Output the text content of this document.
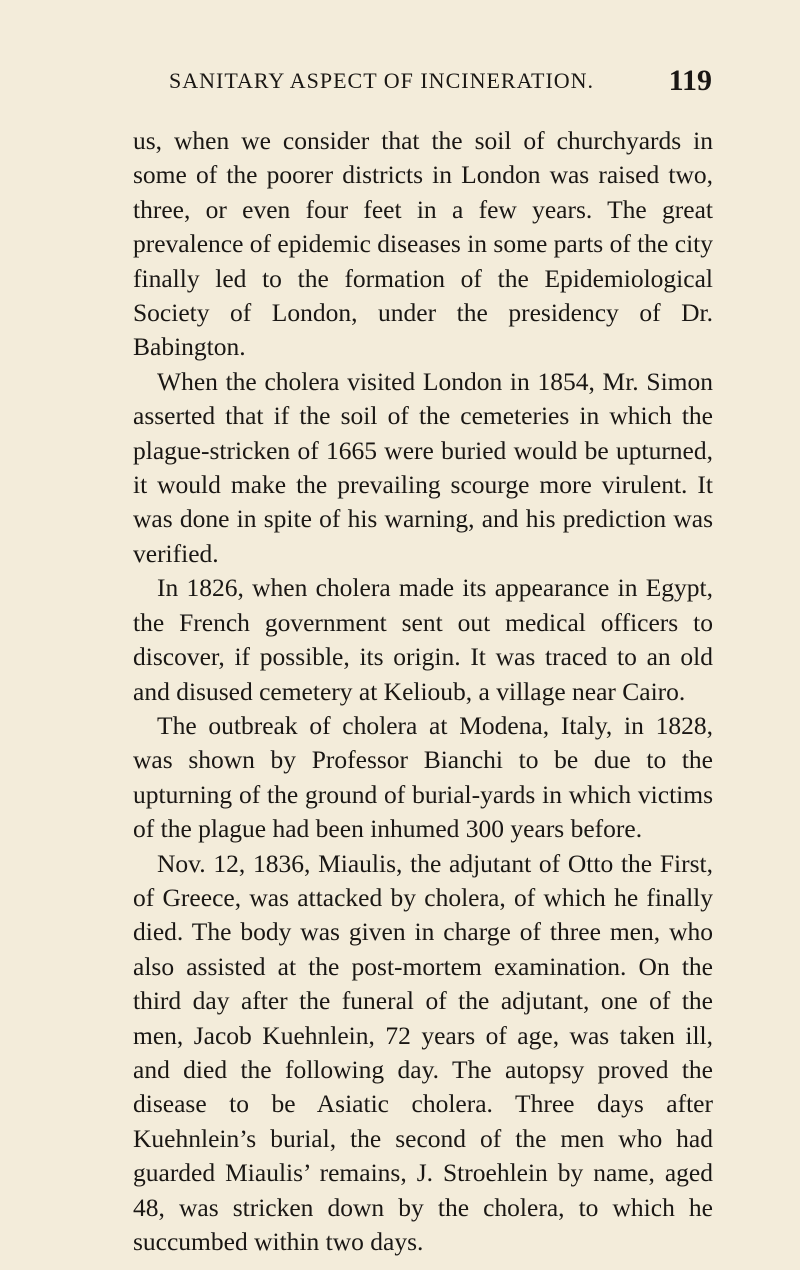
SANITARY ASPECT OF INCINERATION. 119

us, when we consider that the soil of churchyards in some of the poorer districts in London was raised two, three, or even four feet in a few years. The great prevalence of epidemic diseases in some parts of the city finally led to the formation of the Epidemiological Society of London, under the presidency of Dr. Babington.

When the cholera visited London in 1854, Mr. Simon asserted that if the soil of the cemeteries in which the plague-stricken of 1665 were buried would be upturned, it would make the prevailing scourge more virulent. It was done in spite of his warning, and his prediction was verified.

In 1826, when cholera made its appearance in Egypt, the French government sent out medical officers to discover, if possible, its origin. It was traced to an old and disused cemetery at Kelioub, a village near Cairo.

The outbreak of cholera at Modena, Italy, in 1828, was shown by Professor Bianchi to be due to the upturning of the ground of burial-yards in which victims of the plague had been inhumed 300 years before.

Nov. 12, 1836, Miaulis, the adjutant of Otto the First, of Greece, was attacked by cholera, of which he finally died. The body was given in charge of three men, who also assisted at the post-mortem examination. On the third day after the funeral of the adjutant, one of the men, Jacob Kuehnlein, 72 years of age, was taken ill, and died the following day. The autopsy proved the disease to be Asiatic cholera. Three days after Kuehnlein’s burial, the second of the men who had guarded Miaulis’ remains, J. Stroehlein by name, aged 48, was stricken down by the cholera, to which he succumbed within two days.
